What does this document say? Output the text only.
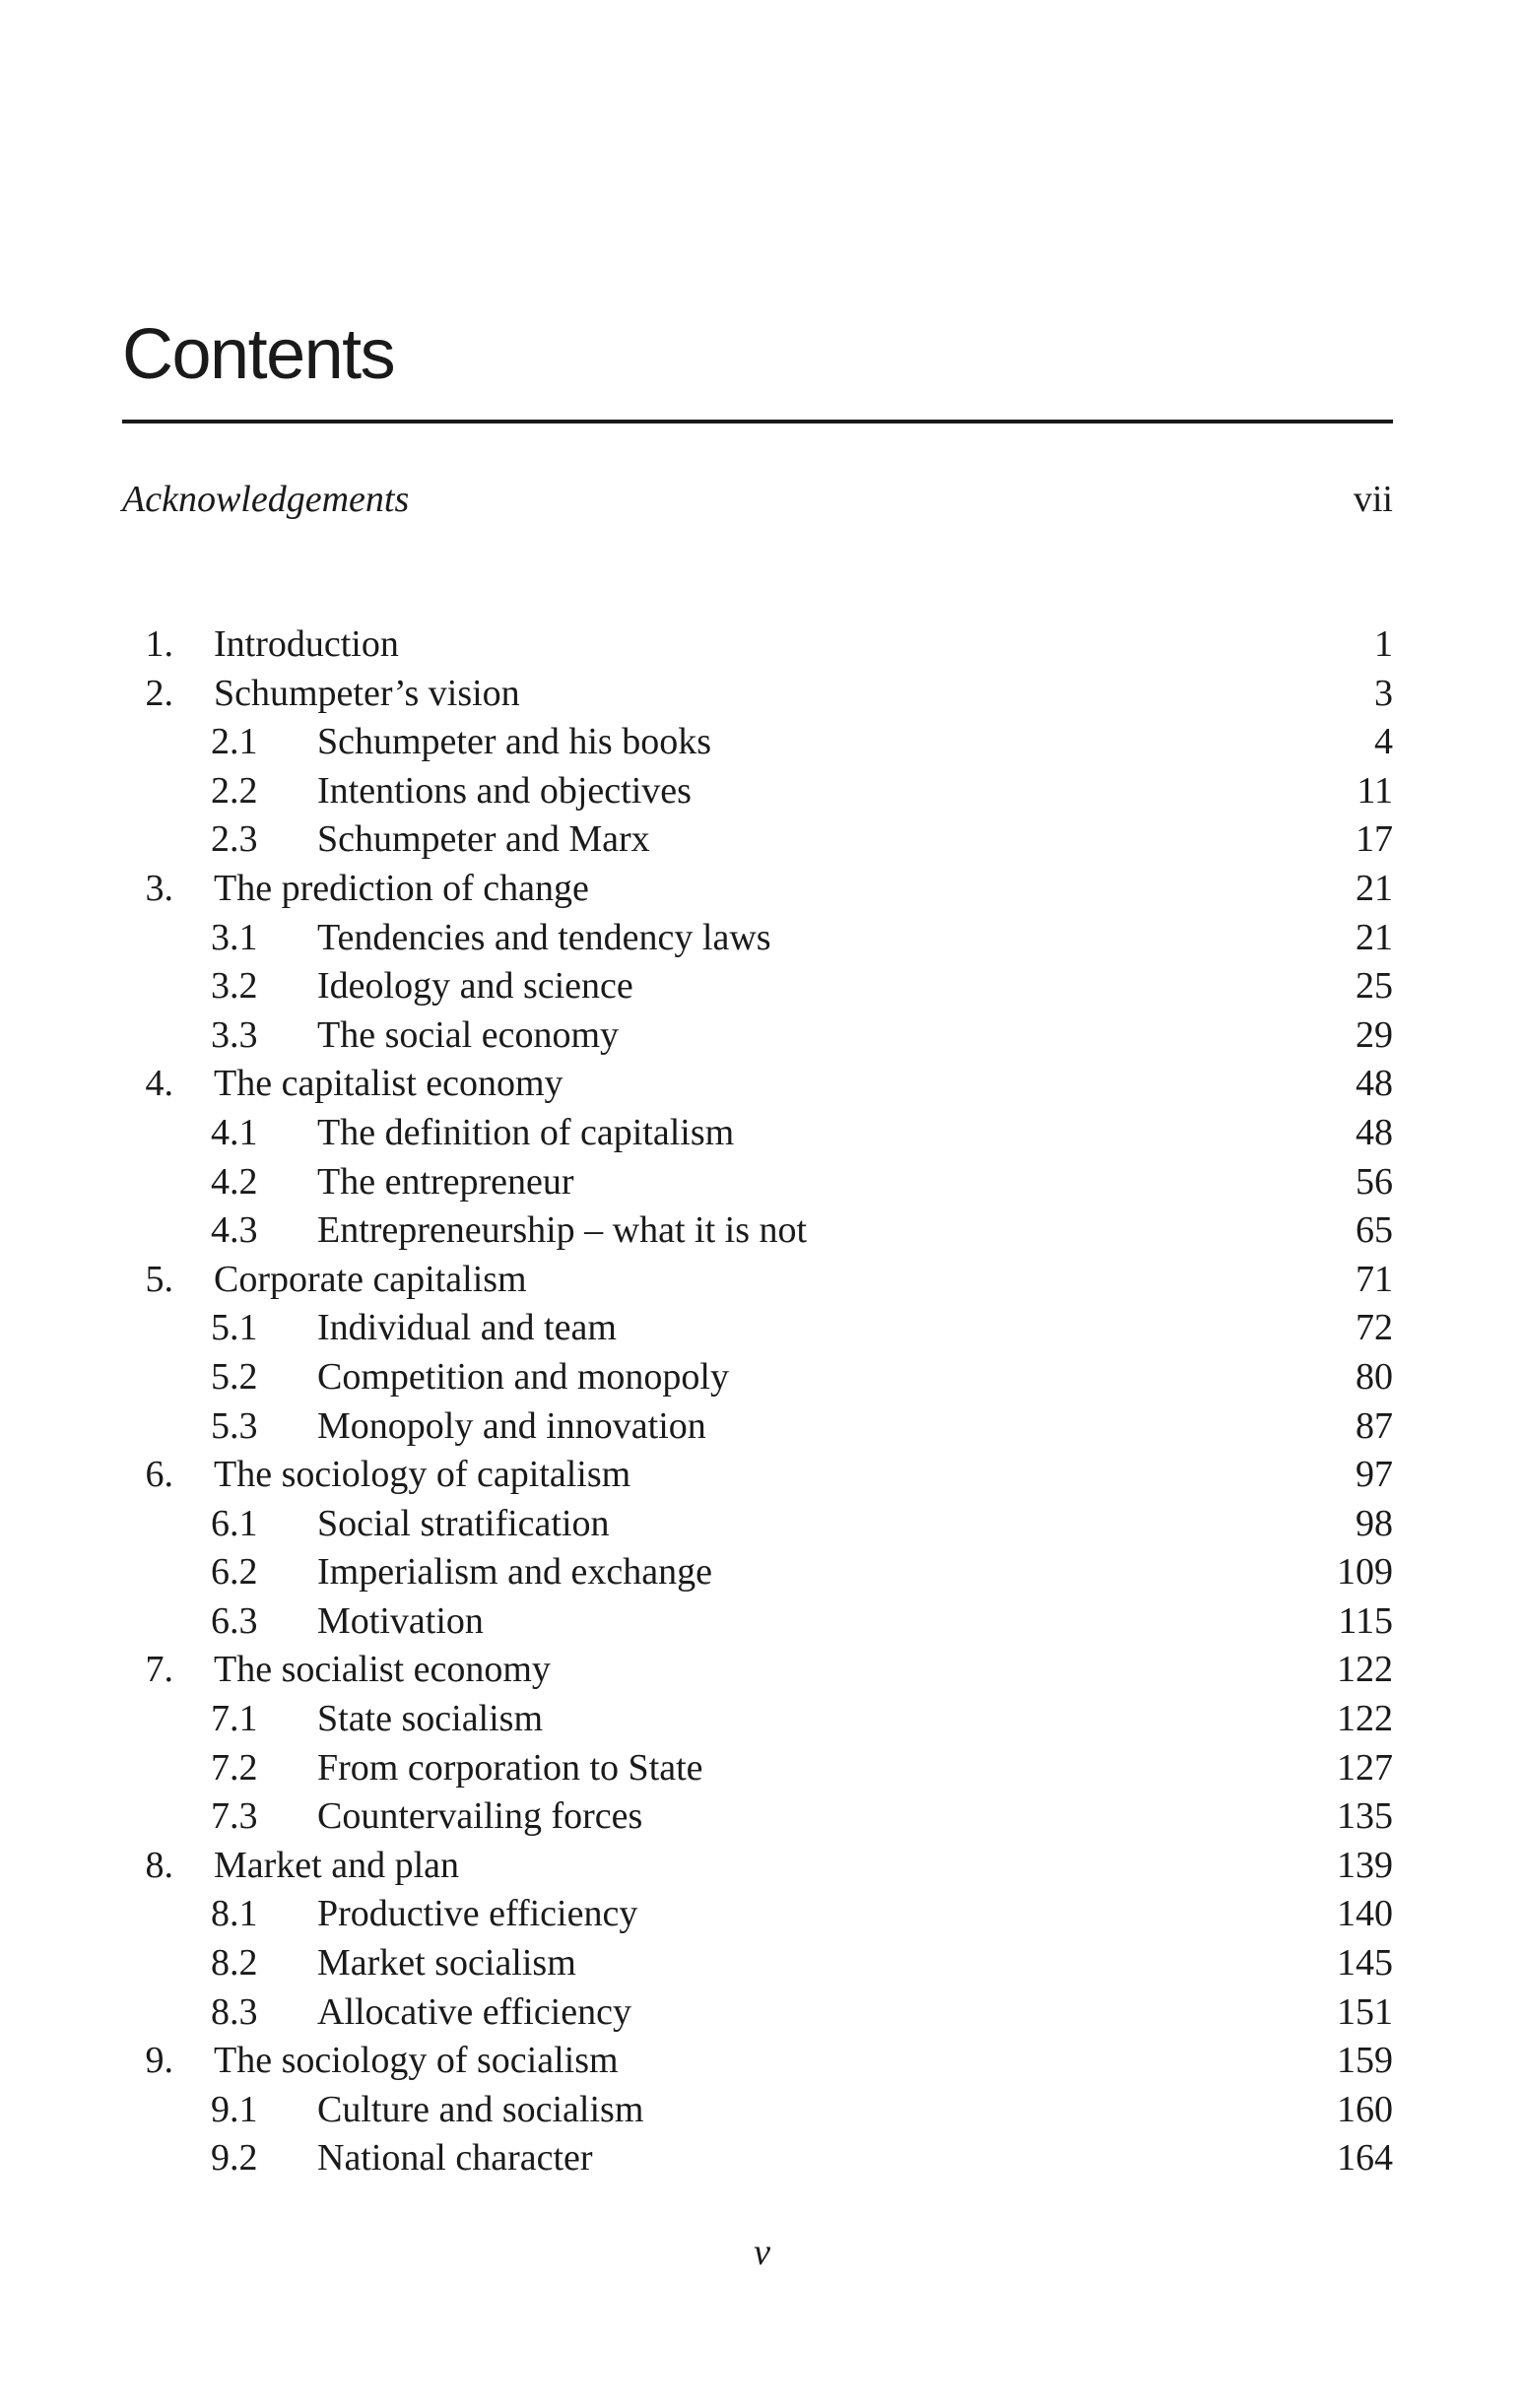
Contents
Acknowledgements	vii
1. Introduction	1
2. Schumpeter’s vision	3
2.1 Schumpeter and his books	4
2.2 Intentions and objectives	11
2.3 Schumpeter and Marx	17
3. The prediction of change	21
3.1 Tendencies and tendency laws	21
3.2 Ideology and science	25
3.3 The social economy	29
4. The capitalist economy	48
4.1 The definition of capitalism	48
4.2 The entrepreneur	56
4.3 Entrepreneurship – what it is not	65
5. Corporate capitalism	71
5.1 Individual and team	72
5.2 Competition and monopoly	80
5.3 Monopoly and innovation	87
6. The sociology of capitalism	97
6.1 Social stratification	98
6.2 Imperialism and exchange	109
6.3 Motivation	115
7. The socialist economy	122
7.1 State socialism	122
7.2 From corporation to State	127
7.3 Countervailing forces	135
8. Market and plan	139
8.1 Productive efficiency	140
8.2 Market socialism	145
8.3 Allocative efficiency	151
9. The sociology of socialism	159
9.1 Culture and socialism	160
9.2 National character	164
v
